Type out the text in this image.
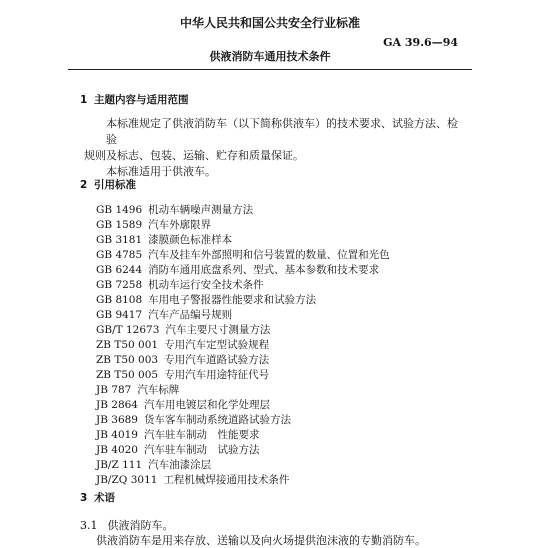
中华人民共和国公共安全行业标准
GA 39.6—94
供液消防车通用技术条件
1 主题内容与适用范围
本标准规定了供液消防车（以下简称供液车）的技术要求、试验方法、检验
规则及标志、包装、运输、贮存和质量保证。
本标准适用于供液车。
2 引用标准
GB 1496 机动车辆噪声测量方法
GB 1589 汽车外廓限界
GB 3181 漆膜颜色标准样本
GB 4785 汽车及挂车外部照明和信号装置的数量、位置和光色
GB 6244 消防车通用底盘系列、型式、基本参数和技术要求
GB 7258 机动车运行安全技术条件
GB 8108 车用电子警报器性能要求和试验方法
GB 9417 汽车产品编号规则
GB/T 12673 汽车主要尺寸测量方法
ZB T50 001 专用汽车定型试验规程
ZB T50 003 专用汽车道路试验方法
ZB T50 005 专用汽车用途特征代号
JB 787 汽车标牌
JB 2864 汽车用电镀层和化学处理层
JB 3689 货车客车制动系统道路试验方法
JB 4019 汽车驻车制动　性能要求
JB 4020 汽车驻车制动　试验方法
JB/Z 111 汽车油漆涂层
JB/ZQ 3011 工程机械焊接通用技术条件
3 术语
3.1 供液消防车。
供液消防车是用来存放、送输以及向火场提供泡沫液的专勤消防车。
